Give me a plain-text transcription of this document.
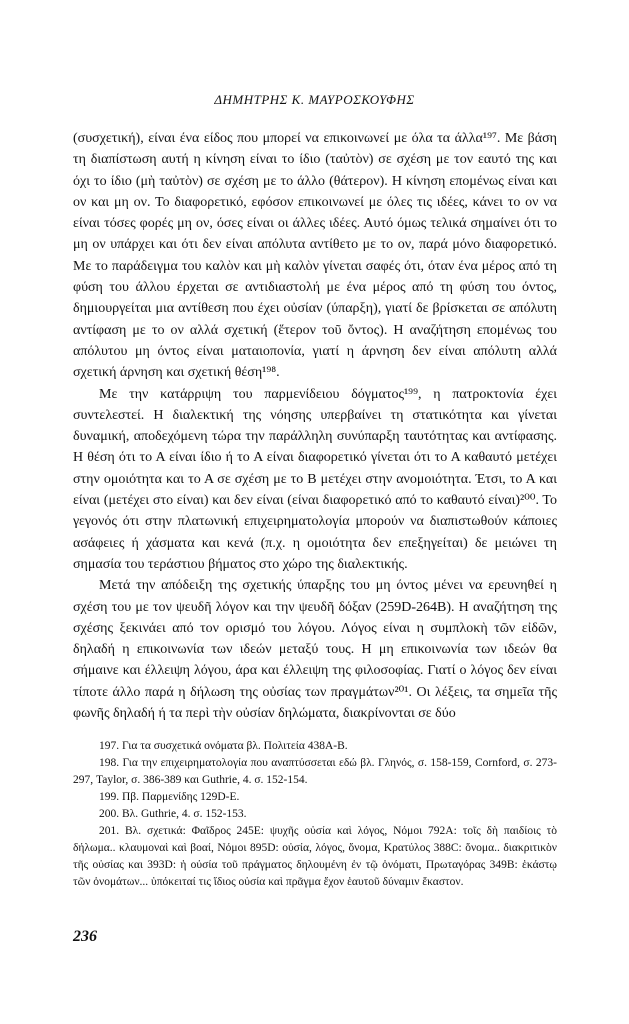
ΔΗΜΗΤΡΗΣ Κ. ΜΑΥΡΟΣΚΟΥΦΗΣ

(συσχετική), είναι ένα είδος που μπορεί να επικοινωνεί με όλα τα άλλα¹⁹⁷. Με βάση τη διαπίστωση αυτή η κίνηση είναι το ίδιο (ταὐτὸν) σε σχέση με τον εαυτό της και όχι το ίδιο (μὴ ταὐτὸν) σε σχέση με το άλλο (θάτερον). Η κίνηση επομένως είναι και ον και μη ον. Το διαφορετικό, εφόσον επικοινωνεί με όλες τις ιδέες, κάνει το ον να είναι τόσες φορές μη ον, όσες είναι οι άλλες ιδέες. Αυτό όμως τελικά σημαίνει ότι το μη ον υπάρχει και ότι δεν είναι απόλυτα αντίθετο με το ον, παρά μόνο διαφορετικό. Με το παράδειγμα του καλὸν και μὴ καλὸν γίνεται σαφές ότι, όταν ένα μέρος από τη φύση του άλλου έρχεται σε αντιδιαστολή με ένα μέρος από τη φύση του όντος, δημιουργείται μια αντίθεση που έχει οὐσίαν (ύπαρξη), γιατί δε βρίσκεται σε απόλυτη αντίφαση με το ον αλλά σχετική (ἕτερον τοῦ ὄντος). Η αναζήτηση επομένως του απόλυτου μη όντος είναι ματαιοπονία, γιατί η άρνηση δεν είναι απόλυτη αλλά σχετική άρνηση και σχετική θέση¹⁹⁸.

Με την κατάρριψη του παρμενίδειου δόγματος¹⁹⁹, η πατροκτονία έχει συντελεστεί. Η διαλεκτική της νόησης υπερβαίνει τη στατικότητα και γίνεται δυναμική, αποδεχόμενη τώρα την παράλληλη συνύπαρξη ταυτότητας και αντίφασης. Η θέση ότι το Α είναι ίδιο ή το Α είναι διαφορετικό γίνεται ότι το Α καθαυτό μετέχει στην ομοιότητα και το Α σε σχέση με το Β μετέχει στην ανομοιότητα. Έτσι, το Α και είναι (μετέχει στο είναι) και δεν είναι (είναι διαφορετικό από το καθαυτό είναι)²⁰⁰. Το γεγονός ότι στην πλατωνική επιχειρηματολογία μπορούν να διαπιστωθούν κάποιες ασάφειες ή χάσματα και κενά (π.χ. η ομοιότητα δεν επεξηγείται) δε μειώνει τη σημασία του τεράστιου βήματος στο χώρο της διαλεκτικής.

Μετά την απόδειξη της σχετικής ύπαρξης του μη όντος μένει να ερευνηθεί η σχέση του με τον ψευδῆ λόγον και την ψευδῆ δόξαν (259D-264B). Η αναζήτηση της σχέσης ξεκινάει από τον ορισμό του λόγου. Λόγος είναι η συμπλοκὴ τῶν εἰδῶν, δηλαδή η επικοινωνία των ιδεών μεταξύ τους. Η μη επικοινωνία των ιδεών θα σήμαινε και έλλειψη λόγου, άρα και έλλειψη της φιλοσοφίας. Γιατί ο λόγος δεν είναι τίποτε άλλο παρά η δήλωση της οὐσίας των πραγμάτων²⁰¹. Οι λέξεις, τα σημεῖα τῆς φωνῆς δηλαδή ή τα περὶ τὴν οὐσίαν δηλώματα, διακρίνονται σε δύο

197. Για τα συσχετικά ονόματα βλ. Πολιτεία 438A-B.

198. Για την επιχειρηματολογία που αναπτύσσεται εδώ βλ. Γληνός, σ. 158-159, Cornford, σ. 273-297, Taylor, σ. 386-389 και Guthrie, 4. σ. 152-154.

199. Πβ. Παρμενίδης 129D-E.

200. Βλ. Guthrie, 4. σ. 152-153.

201. Βλ. σχετικά: Φαῖδρος 245E: ψυχῆς οὐσία καὶ λόγος, Νόμοι 792A: τοῖς δὴ παιδίοις τὸ δήλωμα.. κλαυμοναὶ καὶ βοαί, Νόμοι 895D: οὐσία, λόγος, ὄνομα, Κρατύλος 388C: ὄνομα.. διακριτικὸν τῆς οὐσίας και 393D: ἡ οὐσία τοῦ πράγματος δηλουμένη ἐν τῷ ὀνόματι, Πρωταγόρας 349B: ἑκάστῳ τῶν ὀνομάτων... ὑπόκειταί τις ἴδιος οὐσία καὶ πρᾶγμα ἔχον ἑαυτοῦ δύναμιν ἕκαστον.

236
